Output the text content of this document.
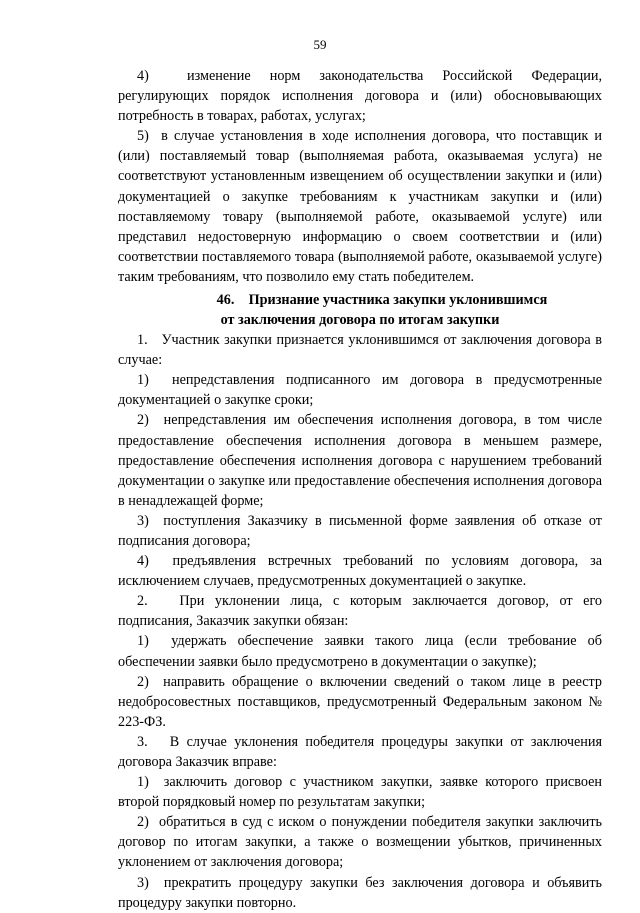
59

4)  изменение норм законодательства Российской Федерации, регулирующих порядок исполнения договора и (или) обосновывающих потребность в товарах, работах, услугах;

5)  в случае установления в ходе исполнения договора, что поставщик и (или) поставляемый товар (выполняемая работа, оказываемая услуга) не соответствуют установленным извещением об осуществлении закупки и (или) документацией о закупке требованиям к участникам закупки и (или) поставляемому товару (выполняемой работе, оказываемой услуге) или представил недостоверную информацию о своем соответствии и (или) соответствии поставляемого товара (выполняемой работе, оказываемой услуге) таким требованиям, что позволило ему стать победителем.

46. Признание участника закупки уклонившимся
от заключения договора по итогам закупки

1.   Участник закупки признается уклонившимся от заключения договора в случае:

1)  непредставления подписанного им договора в предусмотренные документацией о закупке сроки;

2)  непредставления им обеспечения исполнения договора, в том числе предоставление обеспечения исполнения договора в меньшем размере, предоставление обеспечения исполнения договора с нарушением требований документации о закупке или предоставление обеспечения исполнения договора в ненадлежащей форме;

3)  поступления Заказчику в письменной форме заявления об отказе от подписания договора;

4)  предъявления встречных требований по условиям договора, за исключением случаев, предусмотренных документацией о закупке.

2.   При уклонении лица, с которым заключается договор, от его подписания, Заказчик закупки обязан:

1)  удержать обеспечение заявки такого лица (если требование об обеспечении заявки было предусмотрено в документации о закупке);

2)  направить обращение о включении сведений о таком лице в реестр недобросовестных поставщиков, предусмотренный Федеральным законом № 223-ФЗ.

3.   В случае уклонения победителя процедуры закупки от заключения договора Заказчик вправе:

1)  заключить договор с участником закупки, заявке которого присвоен второй порядковый номер по результатам закупки;

2)  обратиться в суд с иском о понуждении победителя закупки заключить договор по итогам закупки, а также о возмещении убытков, причиненных уклонением от заключения договора;

3)  прекратить процедуру закупки без заключения договора и объявить процедуру закупки повторно.
